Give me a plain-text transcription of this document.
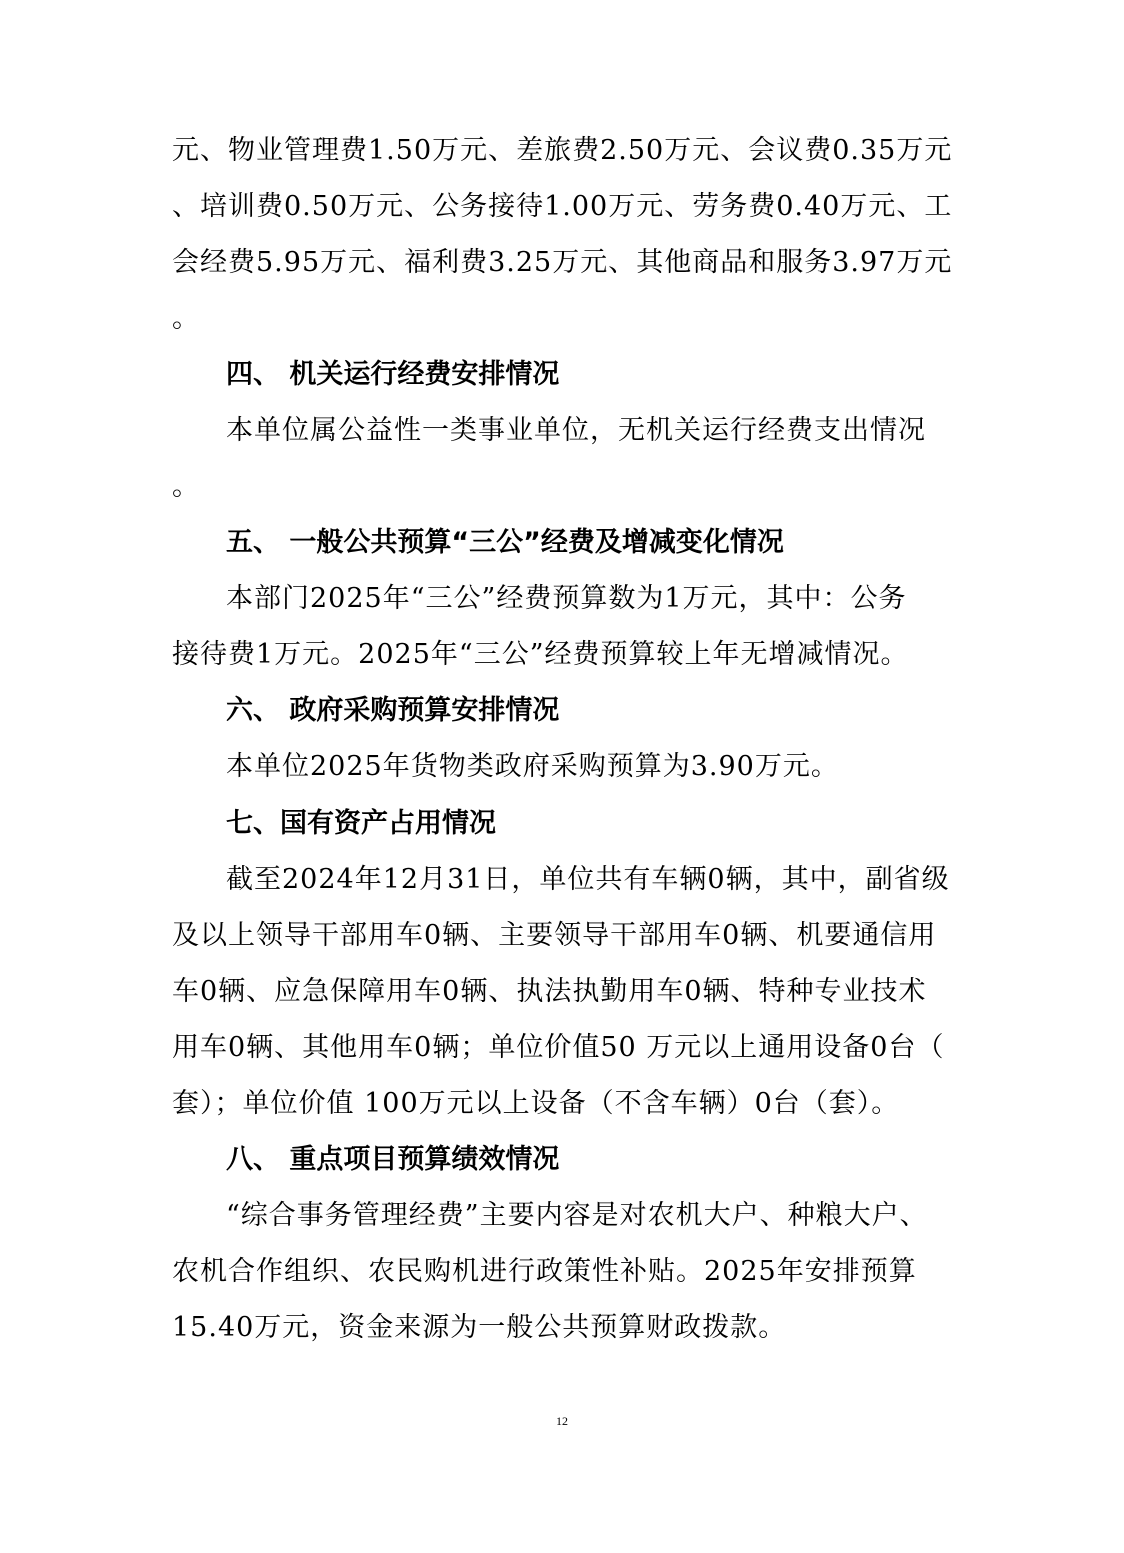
元、物业管理费1.50万元、差旅费2.50万元、会议费0.35万元

、培训费0.50万元、公务接待1.00万元、劳务费0.40万元、工

会经费5.95万元、福利费3.25万元、其他商品和服务3.97万元

。

四、 机关运行经费安排情况

本单位属公益性一类事业单位，无机关运行经费支出情况

。

五、 一般公共预算“三公”经费及增减变化情况

本部门2025年“三公”经费预算数为1万元，其中：公务

接待费1万元。2025年“三公”经费预算较上年无增减情况。

六、 政府采购预算安排情况

本单位2025年货物类政府采购预算为3.90万元。

七、国有资产占用情况

截至2024年12月31日，单位共有车辆0辆，其中，副省级

及以上领导干部用车0辆、主要领导干部用车0辆、机要通信用

车0辆、应急保障用车0辆、执法执勤用车0辆、特种专业技术

用车0辆、其他用车0辆；单位价值50 万元以上通用设备0台（

套）；单位价值 100万元以上设备（不含车辆）0台（套）。

八、 重点项目预算绩效情况

“综合事务管理经费”主要内容是对农机大户、种粮大户、

农机合作组织、农民购机进行政策性补贴。2025年安排预算

15.40万元，资金来源为一般公共预算财政拨款。

12
